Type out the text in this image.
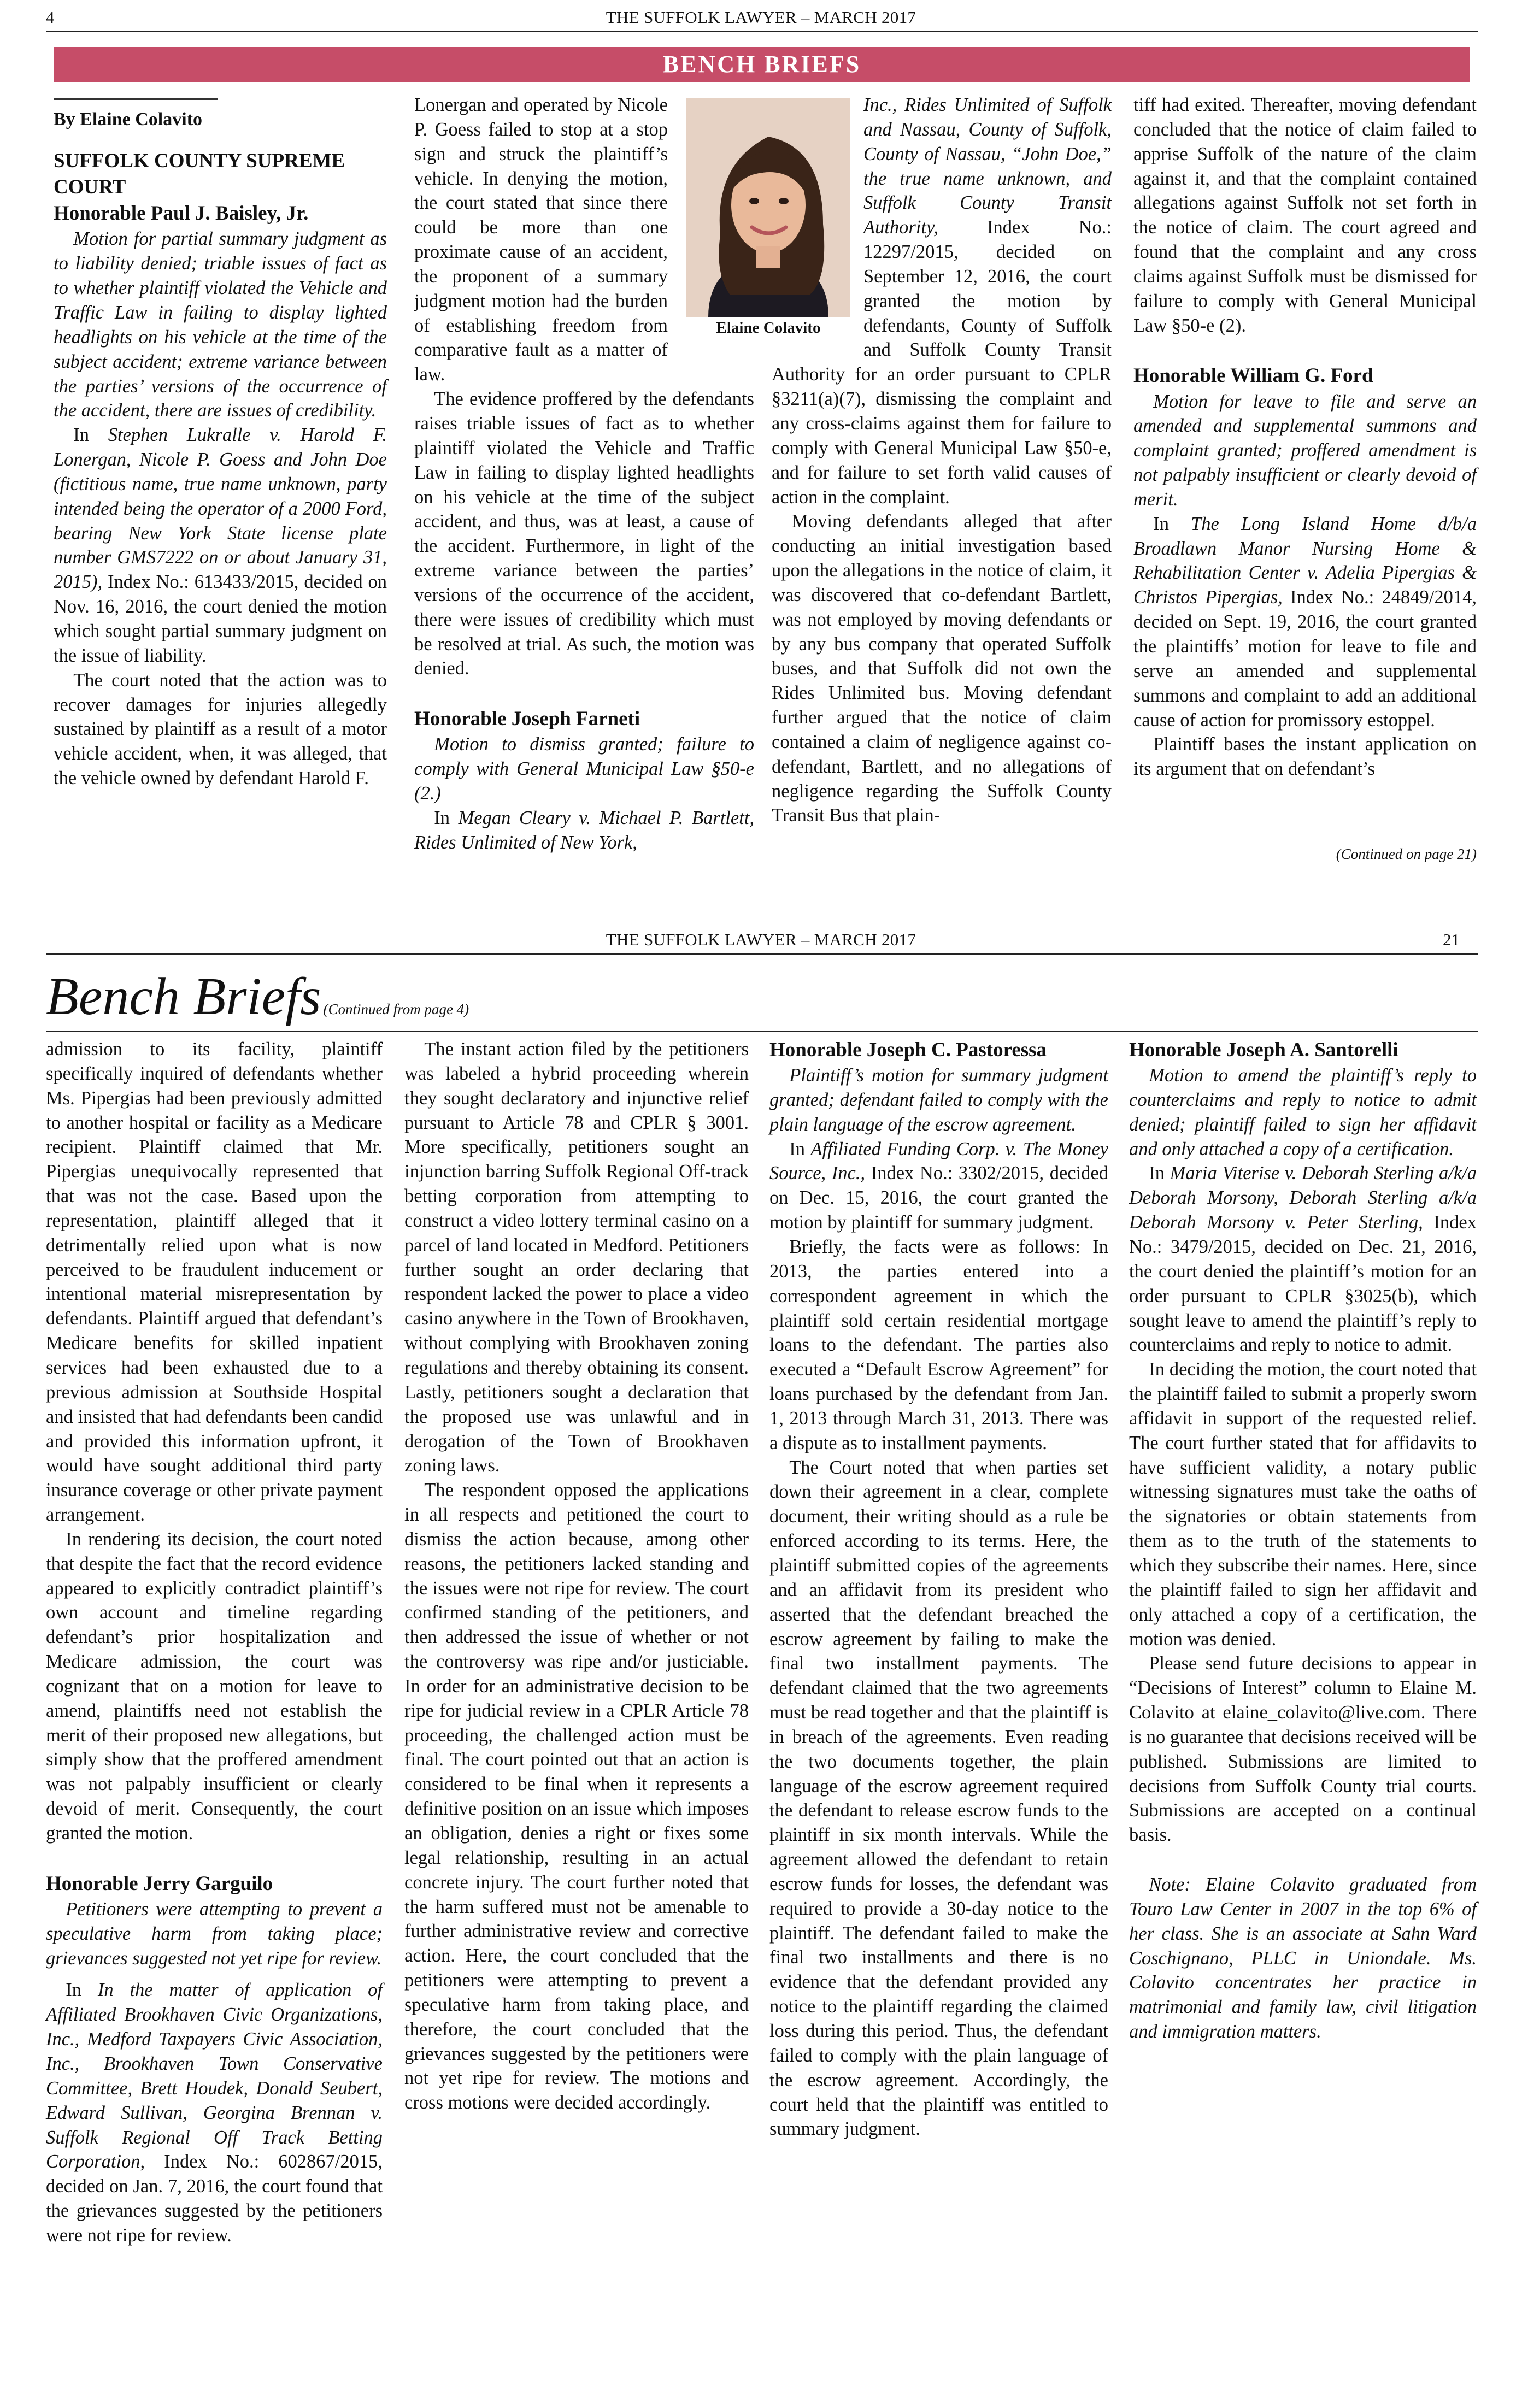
4	THE SUFFOLK LAWYER – MARCH 2017
BENCH BRIEFS
By Elaine Colavito
SUFFOLK COUNTY SUPREME COURT
Honorable Paul J. Baisley, Jr.

Motion for partial summary judgment as to liability denied; triable issues of fact as to whether plaintiff violated the Vehicle and Traffic Law in failing to display lighted headlights on his vehicle at the time of the subject accident; extreme variance between the parties’ versions of the occurrence of the accident, there are issues of credibility.

In Stephen Lukralle v. Harold F. Lonergan, Nicole P. Goess and John Doe (fictitious name, true name unknown, party intended being the operator of a 2000 Ford, bearing New York State license plate number GMS7222 on or about January 31, 2015), Index No.: 613433/2015, decided on Nov. 16, 2016, the court denied the motion which sought partial summary judgment on the issue of liability.

The court noted that the action was to recover damages for injuries allegedly sustained by plaintiff as a result of a motor vehicle accident, when, it was alleged, that the vehicle owned by defendant Harold F.

Lonergan and operated by Nicole P. Goess failed to stop at a stop sign and struck the plaintiff’s vehicle. In denying the motion, the court stated that since there could be more than one proximate cause of an accident, the proponent of a summary judgment motion had the burden of establishing freedom from comparative fault as a matter of law.

The evidence proffered by the defendants raises triable issues of fact as to whether plaintiff violated the Vehicle and Traffic Law in failing to display lighted headlights on his vehicle at the time of the subject accident, and thus, was at least, a cause of the accident. Furthermore, in light of the extreme variance between the parties’ versions of the occurrence of the accident, there were issues of credibility which must be resolved at trial. As such, the motion was denied.

Honorable Joseph Farneti

Motion to dismiss granted; failure to comply with General Municipal Law §50-e (2.)

In Megan Cleary v. Michael P. Bartlett, Rides Unlimited of New York,

Elaine Colavito

Inc., Rides Unlimited of Suffolk and Nassau, County of Suffolk, County of Nassau, “John Doe,” the true name unknown, and Suffolk County Transit Authority, Index No.: 12297/2015, decided on September 12, 2016, the court granted the motion by defendants, County of Suffolk and Suffolk County Transit Authority for an order pursuant to CPLR §3211(a)(7), dismissing the complaint and any cross-claims against them for failure to comply with General Municipal Law §50-e, and for failure to set forth valid causes of action in the complaint.

Moving defendants alleged that after conducting an initial investigation based upon the allegations in the notice of claim, it was discovered that co-defendant Bartlett, was not employed by moving defendants or by any bus company that operated Suffolk buses, and that Suffolk did not own the Rides Unlimited bus. Moving defendant further argued that the notice of claim contained a claim of negligence against co-defendant, Bartlett, and no allegations of negligence regarding the Suffolk County Transit Bus that plain-

tiff had exited. Thereafter, moving defendant concluded that the notice of claim failed to apprise Suffolk of the nature of the claim against it, and that the complaint contained allegations against Suffolk not set forth in the notice of claim. The court agreed and found that the complaint and any cross claims against Suffolk must be dismissed for failure to comply with General Municipal Law §50-e (2).

Honorable William G. Ford

Motion for leave to file and serve an amended and supplemental summons and complaint granted; proffered amendment is not palpably insufficient or clearly devoid of merit.

In The Long Island Home d/b/a Broadlawn Manor Nursing Home & Rehabilitation Center v. Adelia Pipergias & Christos Pipergias, Index No.: 24849/2014, decided on Sept. 19, 2016, the court granted the plaintiffs’ motion for leave to file and serve an amended and supplemental summons and complaint to add an additional cause of action for promissory estoppel.

Plaintiff bases the instant application on its argument that on defendant’s

(Continued on page 21)
THE SUFFOLK LAWYER – MARCH 2017	21
Bench Briefs (Continued from page 4)

admission to its facility, plaintiff specifically inquired of defendants whether Ms. Pipergias had been previously admitted to another hospital or facility as a Medicare recipient. Plaintiff claimed that Mr. Pipergias unequivocally represented that that was not the case. Based upon the representation, plaintiff alleged that it detrimentally relied upon what is now perceived to be fraudulent inducement or intentional material misrepresentation by defendants. Plaintiff argued that defendant’s Medicare benefits for skilled inpatient services had been exhausted due to a previous admission at Southside Hospital and insisted that had defendants been candid and provided this information upfront, it would have sought additional third party insurance coverage or other private payment arrangement.

In rendering its decision, the court noted that despite the fact that the record evidence appeared to explicitly contradict plaintiff’s own account and timeline regarding defendant’s prior hospitalization and Medicare admission, the court was cognizant that on a motion for leave to amend, plaintiffs need not establish the merit of their proposed new allegations, but simply show that the proffered amendment was not palpably insufficient or clearly devoid of merit. Consequently, the court granted the motion.

Honorable Jerry Garguilo

Petitioners were attempting to prevent a speculative harm from taking place; grievances suggested not yet ripe for review.

In In the matter of application of Affiliated Brookhaven Civic Organizations, Inc., Medford Taxpayers Civic Association, Inc., Brookhaven Town Conservative Committee, Brett Houdek, Donald Seubert, Edward Sullivan, Georgina Brennan v. Suffolk Regional Off Track Betting Corporation, Index No.: 602867/2015, decided on Jan. 7, 2016, the court found that the grievances suggested by the petitioners were not ripe for review.

The instant action filed by the petitioners was labeled a hybrid proceeding wherein they sought declaratory and injunctive relief pursuant to Article 78 and CPLR § 3001. More specifically, petitioners sought an injunction barring Suffolk Regional Off-track betting corporation from attempting to construct a video lottery terminal casino on a parcel of land located in Medford. Petitioners further sought an order declaring that respondent lacked the power to place a video casino anywhere in the Town of Brookhaven, without complying with Brookhaven zoning regulations and thereby obtaining its consent. Lastly, petitioners sought a declaration that the proposed use was unlawful and in derogation of the Town of Brookhaven zoning laws.

The respondent opposed the applications in all respects and petitioned the court to dismiss the action because, among other reasons, the petitioners lacked standing and the issues were not ripe for review. The court confirmed standing of the petitioners, and then addressed the issue of whether or not the controversy was ripe and/or justiciable. In order for an administrative decision to be ripe for judicial review in a CPLR Article 78 proceeding, the challenged action must be final. The court pointed out that an action is considered to be final when it represents a definitive position on an issue which imposes an obligation, denies a right or fixes some legal relationship, resulting in an actual concrete injury. The court further noted that the harm suffered must not be amenable to further administrative review and corrective action. Here, the court concluded that the petitioners were attempting to prevent a speculative harm from taking place, and therefore, the court concluded that the grievances suggested by the petitioners were not yet ripe for review. The motions and cross motions were decided accordingly.

Honorable Joseph C. Pastoressa

Plaintiff’s motion for summary judgment granted; defendant failed to comply with the plain language of the escrow agreement.

In Affiliated Funding Corp. v. The Money Source, Inc., Index No.: 3302/2015, decided on Dec. 15, 2016, the court granted the motion by plaintiff for summary judgment.

Briefly, the facts were as follows: In 2013, the parties entered into a correspondent agreement in which the plaintiff sold certain residential mortgage loans to the defendant. The parties also executed a “Default Escrow Agreement” for loans purchased by the defendant from Jan. 1, 2013 through March 31, 2013. There was a dispute as to installment payments.

The Court noted that when parties set down their agreement in a clear, complete document, their writing should as a rule be enforced according to its terms. Here, the plaintiff submitted copies of the agreements and an affidavit from its president who asserted that the defendant breached the escrow agreement by failing to make the final two installment payments. The defendant claimed that the two agreements must be read together and that the plaintiff is in breach of the agreements. Even reading the two documents together, the plain language of the escrow agreement required the defendant to release escrow funds to the plaintiff in six month intervals. While the agreement allowed the defendant to retain escrow funds for losses, the defendant was required to provide a 30-day notice to the plaintiff. The defendant failed to make the final two installments and there is no evidence that the defendant provided any notice to the plaintiff regarding the claimed loss during this period. Thus, the defendant failed to comply with the plain language of the escrow agreement. Accordingly, the court held that the plaintiff was entitled to summary judgment.

Honorable Joseph A. Santorelli

Motion to amend the plaintiff’s reply to counterclaims and reply to notice to admit denied; plaintiff failed to sign her affidavit and only attached a copy of a certification.

In Maria Viterise v. Deborah Sterling a/k/a Deborah Morsony, Deborah Sterling a/k/a Deborah Morsony v. Peter Sterling, Index No.: 3479/2015, decided on Dec. 21, 2016, the court denied the plaintiff’s motion for an order pursuant to CPLR §3025(b), which sought leave to amend the plaintiff’s reply to counterclaims and reply to notice to admit.

In deciding the motion, the court noted that the plaintiff failed to submit a properly sworn affidavit in support of the requested relief. The court further stated that for affidavits to have sufficient validity, a notary public witnessing signatures must take the oaths of the signatories or obtain statements from them as to the truth of the statements to which they subscribe their names. Here, since the plaintiff failed to sign her affidavit and only attached a copy of a certification, the motion was denied.

Please send future decisions to appear in “Decisions of Interest” column to Elaine M. Colavito at elaine_colavito@live.com. There is no guarantee that decisions received will be published. Submissions are limited to decisions from Suffolk County trial courts. Submissions are accepted on a continual basis.

Note: Elaine Colavito graduated from Touro Law Center in 2007 in the top 6% of her class. She is an associate at Sahn Ward Coschignano, PLLC in Uniondale. Ms. Colavito concentrates her practice in matrimonial and family law, civil litigation and immigration matters.
